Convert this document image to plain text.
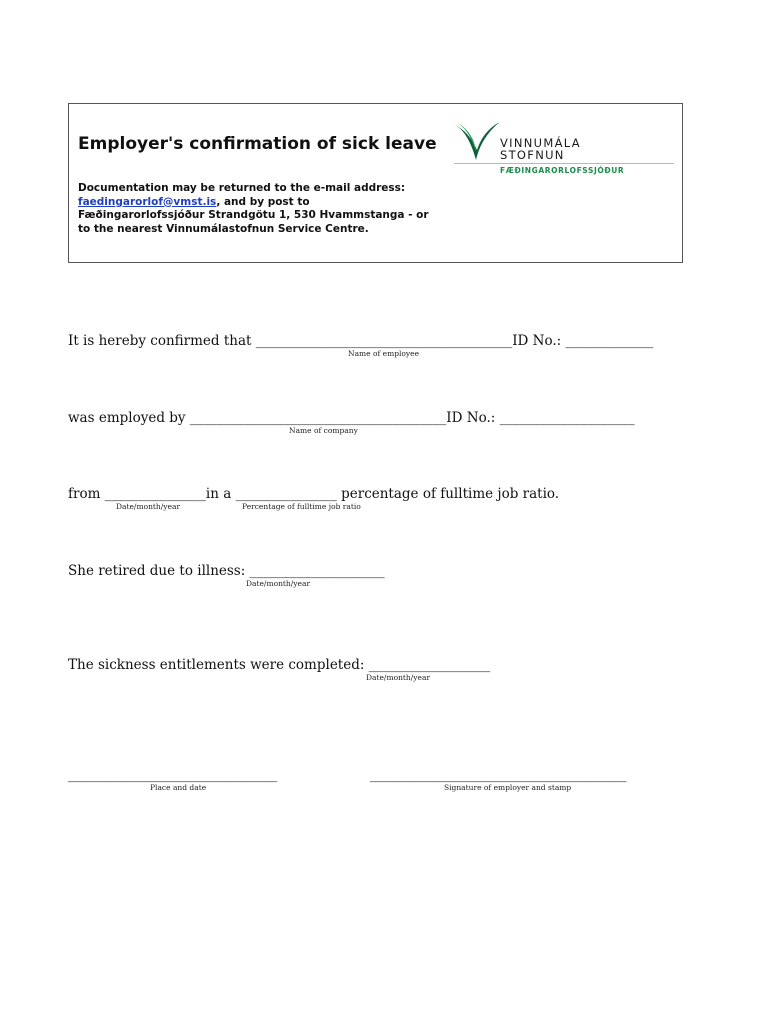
Employer's confirmation of sick leave
Documentation may be returned to the e-mail address: faedingarorlof@vmst.is, and by post to Fæðingarorlofssjóður Strandgötu 1, 530 Hvammstanga - or to the nearest Vinnumálastofnun Service Centre.
VINNUMÁLA
STOFNUN
FÆÐINGARORLOFSSJÓÐUR
It is hereby confirmed that ______________________________________ID No.: _____________
Name of employee
was employed by ______________________________________ID No.: ____________________
Name of company
from _______________in a _______________ percentage of fulltime job ratio.
Date/month/year	Percentage of fulltime job ratio
She retired due to illness: ____________________
Date/month/year
The sickness entitlements were completed: __________________
Date/month/year
_______________________________
Place and date
______________________________________
Signature of employer and stamp
